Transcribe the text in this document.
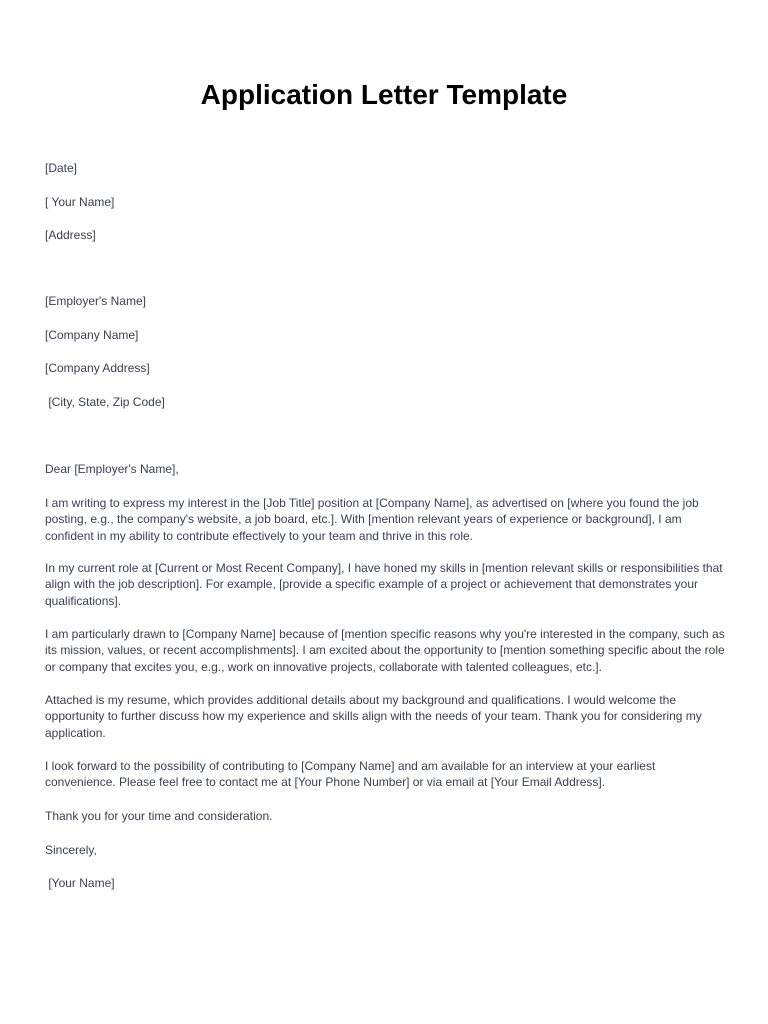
Application Letter Template

[Date]

[ Your Name]

[Address]

[Employer's Name]

[Company Name]

[Company Address]

[City, State, Zip Code]

Dear [Employer's Name],

I am writing to express my interest in the [Job Title] position at [Company Name], as advertised on [where you found the job posting, e.g., the company's website, a job board, etc.]. With [mention relevant years of experience or background], I am confident in my ability to contribute effectively to your team and thrive in this role.

In my current role at [Current or Most Recent Company], I have honed my skills in [mention relevant skills or responsibilities that align with the job description]. For example, [provide a specific example of a project or achievement that demonstrates your qualifications].

I am particularly drawn to [Company Name] because of [mention specific reasons why you're interested in the company, such as its mission, values, or recent accomplishments]. I am excited about the opportunity to [mention something specific about the role or company that excites you, e.g., work on innovative projects, collaborate with talented colleagues, etc.].

Attached is my resume, which provides additional details about my background and qualifications. I would welcome the opportunity to further discuss how my experience and skills align with the needs of your team. Thank you for considering my application.

I look forward to the possibility of contributing to [Company Name] and am available for an interview at your earliest convenience. Please feel free to contact me at [Your Phone Number] or via email at [Your Email Address].

Thank you for your time and consideration.

Sincerely,

[Your Name]
